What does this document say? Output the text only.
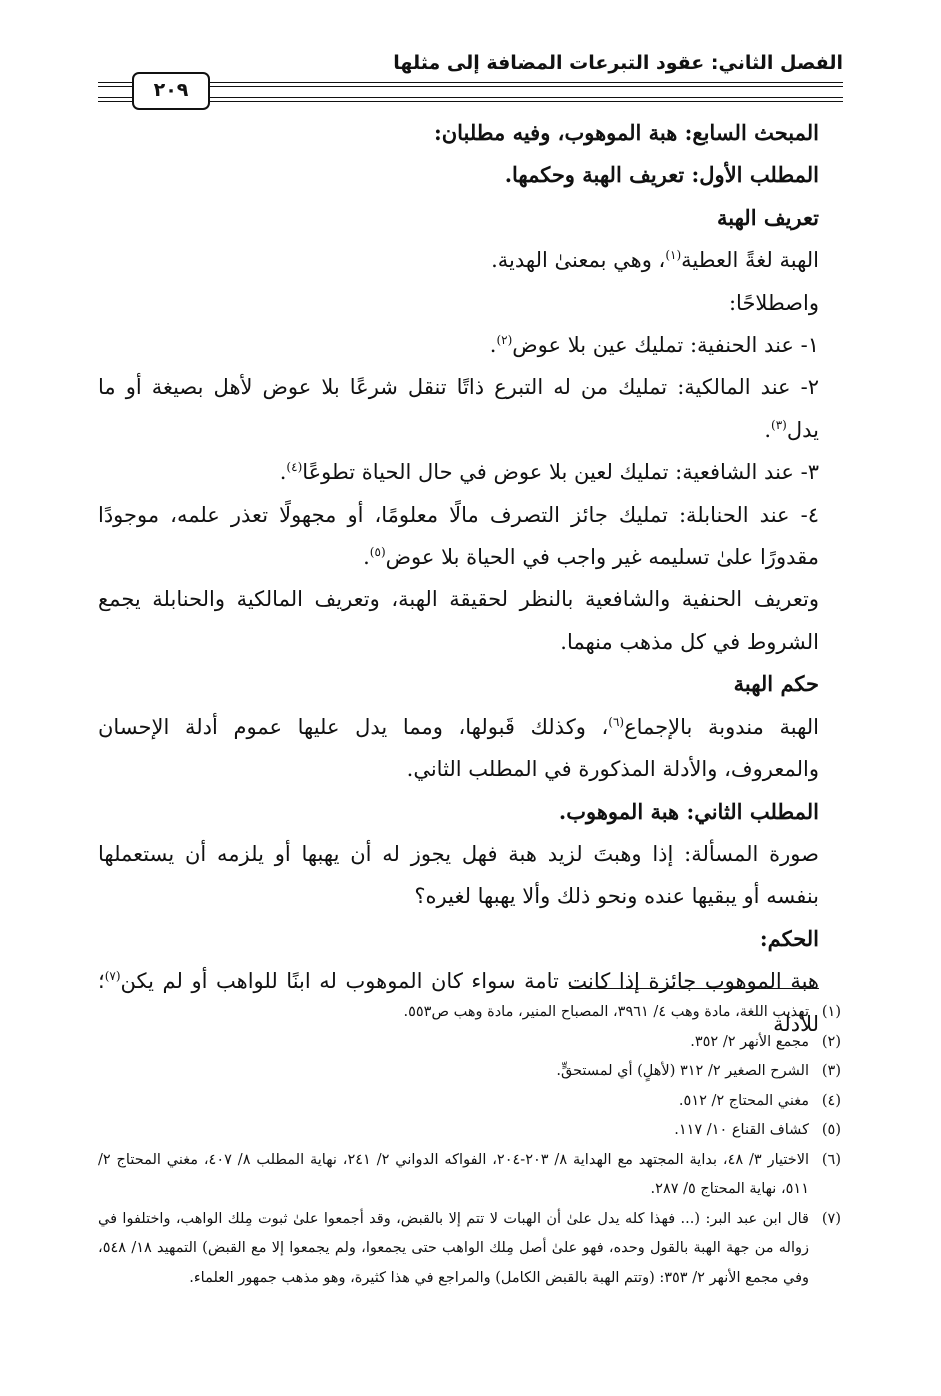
الفصل الثاني: عقود التبرعات المضافة إلى مثلها
٢٠٩

المبحث السابع: هبة الموهوب، وفيه مطلبان:

المطلب الأول: تعريف الهبة وحكمها.

تعريف الهبة

الهبة لغةً العطية$^{(١)}$، وهي بمعنىٰ الهدية.

واصطلاحًا:

١- عند الحنفية: تمليك عين بلا عوض$^{(٢)}$.

٢- عند المالكية: تمليك من له التبرع ذاتًا تنقل شرعًا بلا عوض لأهل بصيغة أو ما يدل$^{(٣)}$.

٣- عند الشافعية: تمليك لعين بلا عوض في حال الحياة تطوعًا$^{(٤)}$.

٤- عند الحنابلة: تمليك جائز التصرف مالًا معلومًا، أو مجهولًا تعذر علمه، موجودًا مقدورًا علىٰ تسليمه غير واجب في الحياة بلا عوض$^{(٥)}$.

وتعريف الحنفية والشافعية بالنظر لحقيقة الهبة، وتعريف المالكية والحنابلة يجمع الشروط في كل مذهب منهما.

حكم الهبة

الهبة مندوبة بالإجماع$^{(٦)}$، وكذلك قَبولها، ومما يدل عليها عموم أدلة الإحسان والمعروف، والأدلة المذكورة في المطلب الثاني.

المطلب الثاني: هبة الموهوب.

صورة المسألة: إذا وهبتَ لزيد هبة فهل يجوز له أن يهبها أو يلزمه أن يستعملها بنفسه أو يبقيها عنده ونحو ذلك وألا يهبها لغيره؟

الحكم:

هبة الموهوب جائزة إذا كانت تامة سواء كان الموهوب له ابنًا للواهب أو لم يكن$^{(٧)}$؛ للأدلة (١)
تهذيب اللغة، مادة وهب ٤/ ٣٩٦١، المصباح المنير، مادة وهب ص٥٥٣.

(٢)
مجمع الأنهر ٢/ ٣٥٢.

(٣)
الشرح الصغير ٢/ ٣١٢ (لأهلٍ) أي لمستحقٍّ.

(٤)
مغني المحتاج ٢/ ٥١٢.

(٥)
كشاف القناع ١٠/ ١١٧.

(٦)
الاختيار ٣/ ٤٨، بداية المجتهد مع الهداية ٨/ ٢٠٣-٢٠٤، الفواكه الدواني ٢/ ٢٤١، نهاية المطلب ٨/ ٤٠٧، مغني المحتاج ٢/ ٥١١، نهاية المحتاج ٥/ ٢٨٧.

(٧)
قال ابن عبد البر: (... فهذا كله يدل علىٰ أن الهبات لا تتم إلا بالقبض، وقد أجمعوا علىٰ ثبوت مِلك الواهب، واختلفوا في زواله من جهة الهبة بالقول وحده، فهو علىٰ أصل مِلك الواهب حتى يجمعوا، ولم يجمعوا إلا مع القبض) التمهيد ١٨/ ٥٤٨، وفي مجمع الأنهر ٢/ ٣٥٣: (وتتم الهبة بالقبض الكامل) والمراجع في هذا كثيرة، وهو مذهب جمهور العلماء.
